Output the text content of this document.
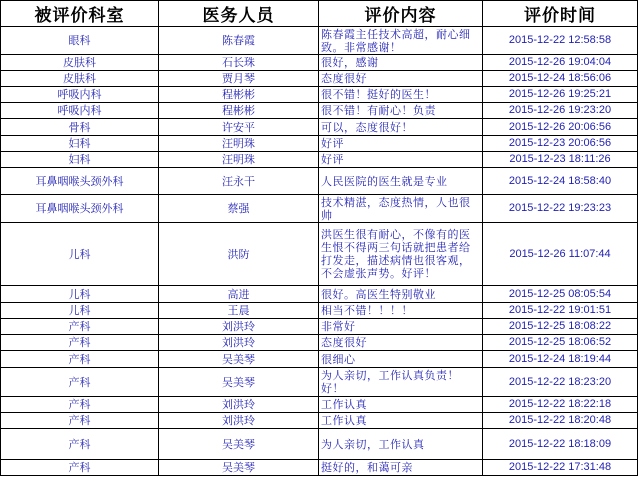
被评价科室	医务人员	评价内容	评价时间
眼科	陈春霞	陈春霞主任技术高超，耐心细致。非常感谢！	2015-12-22 12:58:58
皮肤科	石长珠	很好，感谢	2015-12-26 19:04:04
皮肤科	贾月琴	态度很好	2015-12-24 18:56:06
呼吸内科	程彬彬	很不错！挺好的医生！	2015-12-26 19:25:21
呼吸内科	程彬彬	很不错！有耐心！负责	2015-12-26 19:23:20
骨科	许安平	可以，态度很好！	2015-12-26 20:06:56
妇科	汪明珠	好评	2015-12-23 20:06:56
妇科	汪明珠	好评	2015-12-23 18:11:26
耳鼻咽喉头颈外科	汪永干	人民医院的医生就是专业	2015-12-24 18:58:40
耳鼻咽喉头颈外科	蔡强	技术精湛，态度热情，人也很帅	2015-12-22 19:23:23
儿科	洪防	洪医生很有耐心，不像有的医生恨不得两三句话就把患者给打发走，描述病情也很客观，不会虚张声势。好评！	2015-12-26 11:07:44
儿科	高进	很好。高医生特别敬业	2015-12-25 08:05:54
儿科	王晨	相当不错！！！！	2015-12-22 19:01:51
产科	刘洪玲	非常好	2015-12-25 18:08:22
产科	刘洪玲	态度很好	2015-12-25 18:06:52
产科	吴美琴	很细心	2015-12-24 18:19:44
产科	吴美琴	为人亲切，工作认真负责！好！	2015-12-22 18:23:20
产科	刘洪玲	工作认真	2015-12-22 18:22:18
产科	刘洪玲	工作认真	2015-12-22 18:20:48
产科	吴美琴	为人亲切，工作认真	2015-12-22 18:18:09
产科	吴美琴	挺好的，和蔼可亲	2015-12-22 17:31:48
